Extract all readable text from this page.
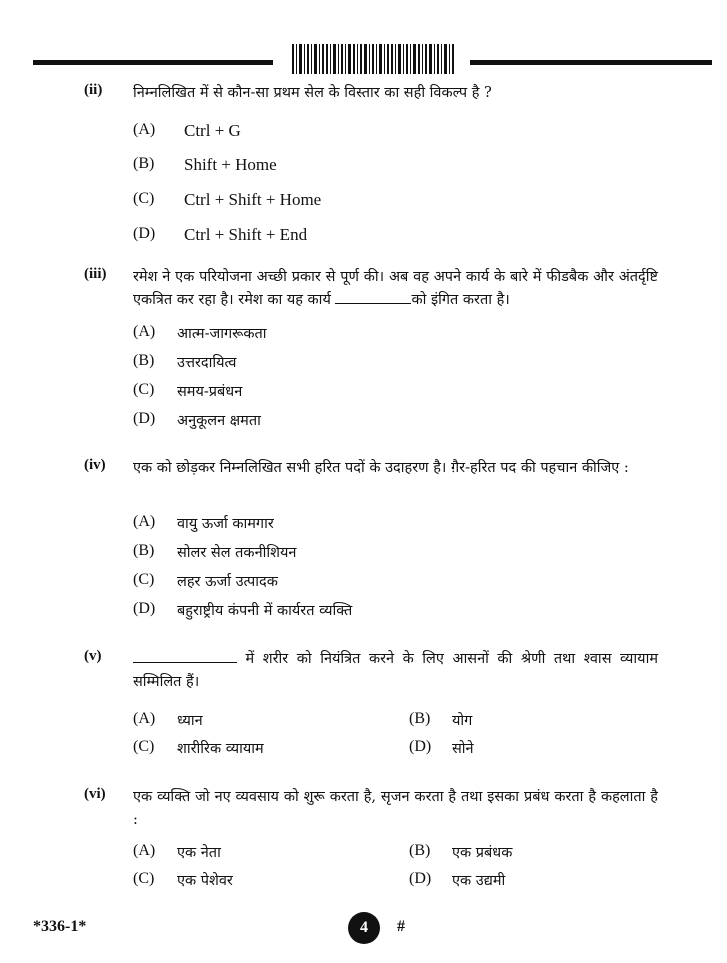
(ii) निम्नलिखित में से कौन-सा प्रथम सेल के विस्तार का सही विकल्प है ?
(A) Ctrl + G
(B) Shift + Home
(C) Ctrl + Shift + Home
(D) Ctrl + Shift + End
(iii) रमेश ने एक परियोजना अच्छी प्रकार से पूर्ण की। अब वह अपने कार्य के बारे में फीडबैक और अंतर्दृष्टि एकत्रित कर रहा है। रमेश का यह कार्य	को इंगित करता है।
(A) आत्म-जागरूकता
(B) उत्तरदायित्व
(C) समय-प्रबंधन
(D) अनुकूलन क्षमता
(iv) एक को छोड़कर निम्नलिखित सभी हरित पदों के उदाहरण है। ग़ैर-हरित पद की पहचान कीजिए :
(A) वायु ऊर्जा कामगार
(B) सोलर सेल तकनीशियन
(C) लहर ऊर्जा उत्पादक
(D) बहुराष्ट्रीय कंपनी में कार्यरत व्यक्ति
(v)	में शरीर को नियंत्रित करने के लिए आसनों की श्रेणी तथा श्वास व्यायाम सम्मिलित हैं।
(A) ध्यान	(B) योग
(C) शारीरिक व्यायाम	(D) सोने
(vi) एक व्यक्ति जो नए व्यवसाय को शुरू करता है, सृजन करता है तथा इसका प्रबंध करता है कहलाता है :
(A) एक नेता	(B) एक प्रबंधक
(C) एक पेशेवर	(D) एक उद्यमी
*336-1*	4	#
